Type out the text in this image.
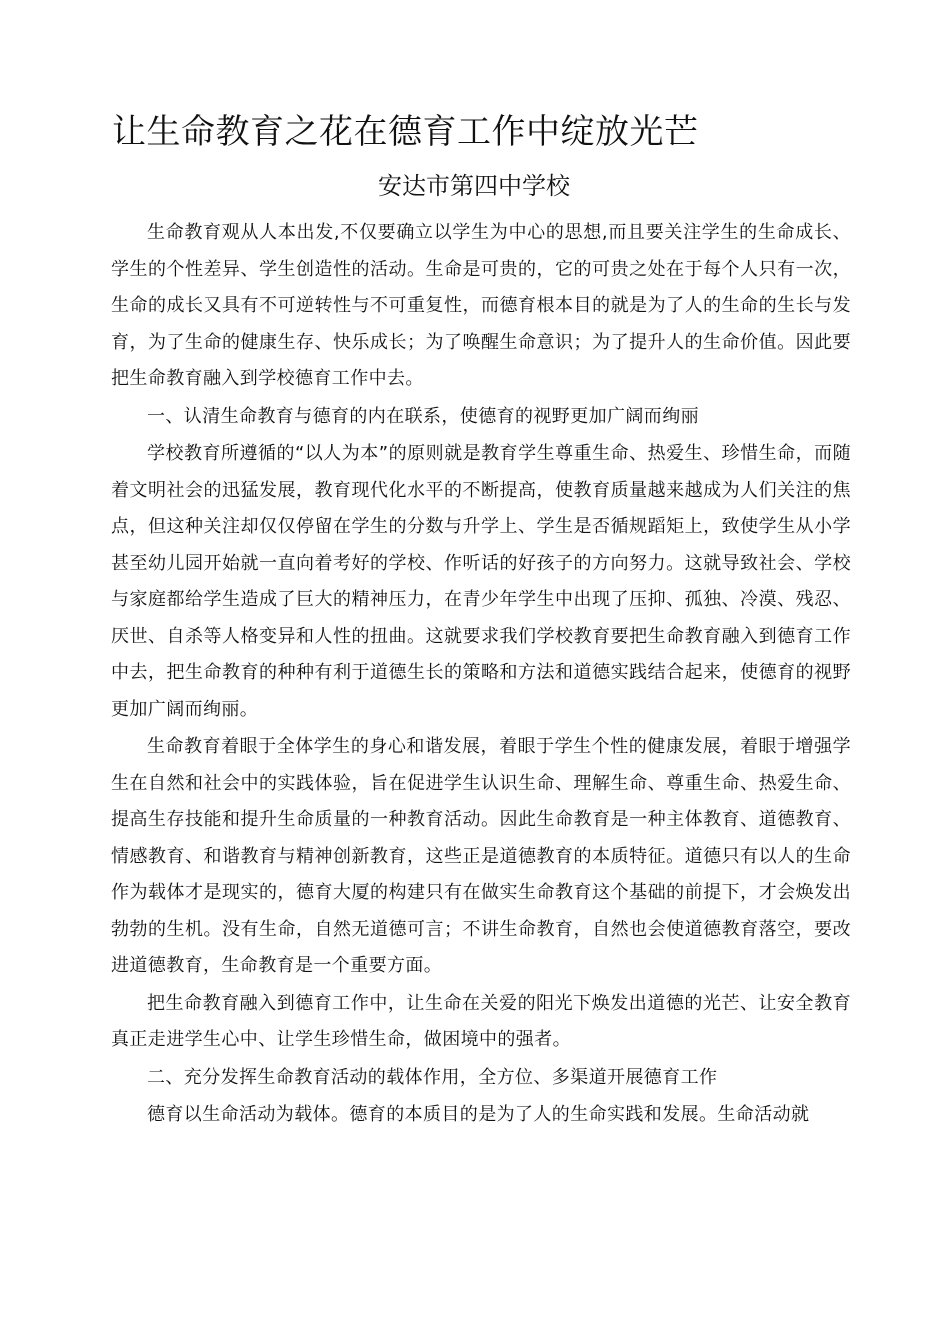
让生命教育之花在德育工作中绽放光芒
安达市第四中学校

生命教育观从人本出发,不仅要确立以学生为中心的思想,而且要关注学生的生命成长、学生的个性差异、学生创造性的活动。生命是可贵的，它的可贵之处在于每个人只有一次，生命的成长又具有不可逆转性与不可重复性，而德育根本目的就是为了人的生命的生长与发育，为了生命的健康生存、快乐成长；为了唤醒生命意识；为了提升人的生命价值。因此要把生命教育融入到学校德育工作中去。

一、认清生命教育与德育的内在联系，使德育的视野更加广阔而绚丽

学校教育所遵循的“以人为本”的原则就是教育学生尊重生命、热爱生、珍惜生命，而随着文明社会的迅猛发展，教育现代化水平的不断提高，使教育质量越来越成为人们关注的焦点，但这种关注却仅仅停留在学生的分数与升学上、学生是否循规蹈矩上，致使学生从小学甚至幼儿园开始就一直向着考好的学校、作听话的好孩子的方向努力。这就导致社会、学校与家庭都给学生造成了巨大的精神压力，在青少年学生中出现了压抑、孤独、冷漠、残忍、厌世、自杀等人格变异和人性的扭曲。这就要求我们学校教育要把生命教育融入到德育工作中去，把生命教育的种种有利于道德生长的策略和方法和道德实践结合起来，使德育的视野更加广阔而绚丽。

生命教育着眼于全体学生的身心和谐发展，着眼于学生个性的健康发展，着眼于增强学生在自然和社会中的实践体验，旨在促进学生认识生命、理解生命、尊重生命、热爱生命、提高生存技能和提升生命质量的一种教育活动。因此生命教育是一种主体教育、道德教育、情感教育、和谐教育与精神创新教育，这些正是道德教育的本质特征。道德只有以人的生命作为载体才是现实的，德育大厦的构建只有在做实生命教育这个基础的前提下，才会焕发出勃勃的生机。没有生命，自然无道德可言；不讲生命教育，自然也会使道德教育落空，要改进道德教育，生命教育是一个重要方面。

把生命教育融入到德育工作中，让生命在关爱的阳光下焕发出道德的光芒、让安全教育真正走进学生心中、让学生珍惜生命，做困境中的强者。

二、充分发挥生命教育活动的载体作用，全方位、多渠道开展德育工作

德育以生命活动为载体。德育的本质目的是为了人的生命实践和发展。生命活动就
